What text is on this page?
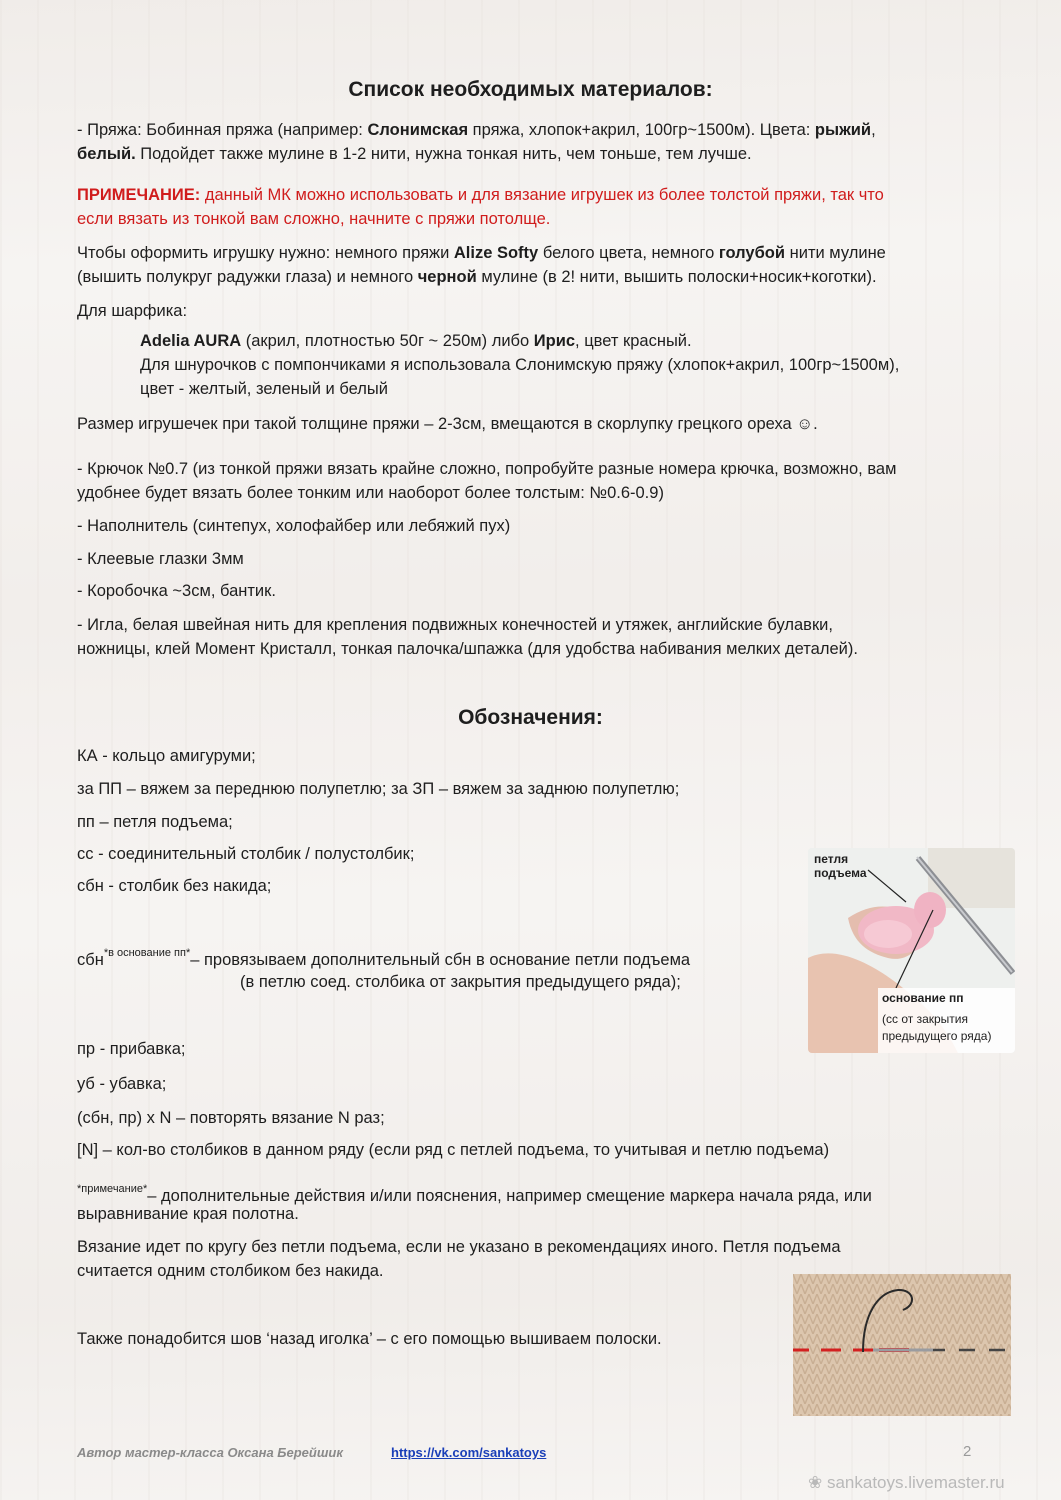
Список необходимых материалов:
- Пряжа: Бобинная пряжа (например: Слонимская пряжа, хлопок+акрил, 100гр~1500м). Цвета: рыжий,
белый. Подойдет также мулине в 1-2 нити, нужна тонкая нить, чем тоньше, тем лучше.
ПРИМЕЧАНИЕ: данный МК можно использовать и для вязание игрушек из более толстой пряжи, так что
если вязать из тонкой вам сложно, начните с пряжи потолще.
Чтобы оформить игрушку нужно: немного пряжи Alize Softy белого цвета, немного голубой нити мулине
(вышить полукруг радужки глаза) и немного черной мулине (в 2! нити, вышить полоски+носик+коготки).
Для шарфика:
Adelia AURA (акрил, плотностью 50г ~ 250м) либо Ирис, цвет красный.
Для шнурочков с помпончиками я использовала Слонимскую пряжу (хлопок+акрил, 100гр~1500м),
цвет - желтый, зеленый и белый
Размер игрушечек при такой толщине пряжи – 2-3см, вмещаются в скорлупку грецкого ореха ☺.
- Крючок №0.7 (из тонкой пряжи вязать крайне сложно, попробуйте разные номера крючка, возможно, вам
удобнее будет вязать более тонким или наоборот более толстым: №0.6-0.9)
- Наполнитель (синтепух, холофайбер или лебяжий пух)
- Клеевые глазки 3мм
- Коробочка ~3см, бантик.
- Игла, белая швейная нить для крепления подвижных конечностей и утяжек, английские булавки,
ножницы, клей Момент Кристалл, тонкая палочка/шпажка (для удобства набивания мелких деталей).
Обозначения:
КА - кольцо амигуруми;
за ПП – вяжем за переднюю полупетлю; за ЗП – вяжем за заднюю полупетлю;
пп – петля подъема;
сс - соединительный столбик / полустолбик;
сбн - столбик без накида;
сбн$^{*в основание пп*}$– провязываем дополнительный сбн в основание петли подъема
(в петлю соед. столбика от закрытия предыдущего ряда);
пр - прибавка;
уб - убавка;
(сбн, пр) х N – повторять вязание N раз;
[N] – кол-во столбиков в данном ряду (если ряд с петлей подъема, то учитывая и петлю подъема)
$^{*примечание*}$– дополнительные действия и/или пояснения, например смещение маркера начала ряда, или
выравнивание края полотна.
Вязание идет по кругу без петли подъема, если не указано в рекомендациях иного. Петля подъема
считается одним столбиком без накида.
Также понадобится шов ‘назад иголка’ – с его помощью вышиваем полоски.
петля
подъема
основание пп
(сс от закрытия
предыдущего ряда)
Автор мастер-класса Оксана Берейшик	https://vk.com/sankatoys	2
❀ sankatoys.livemaster.ru
